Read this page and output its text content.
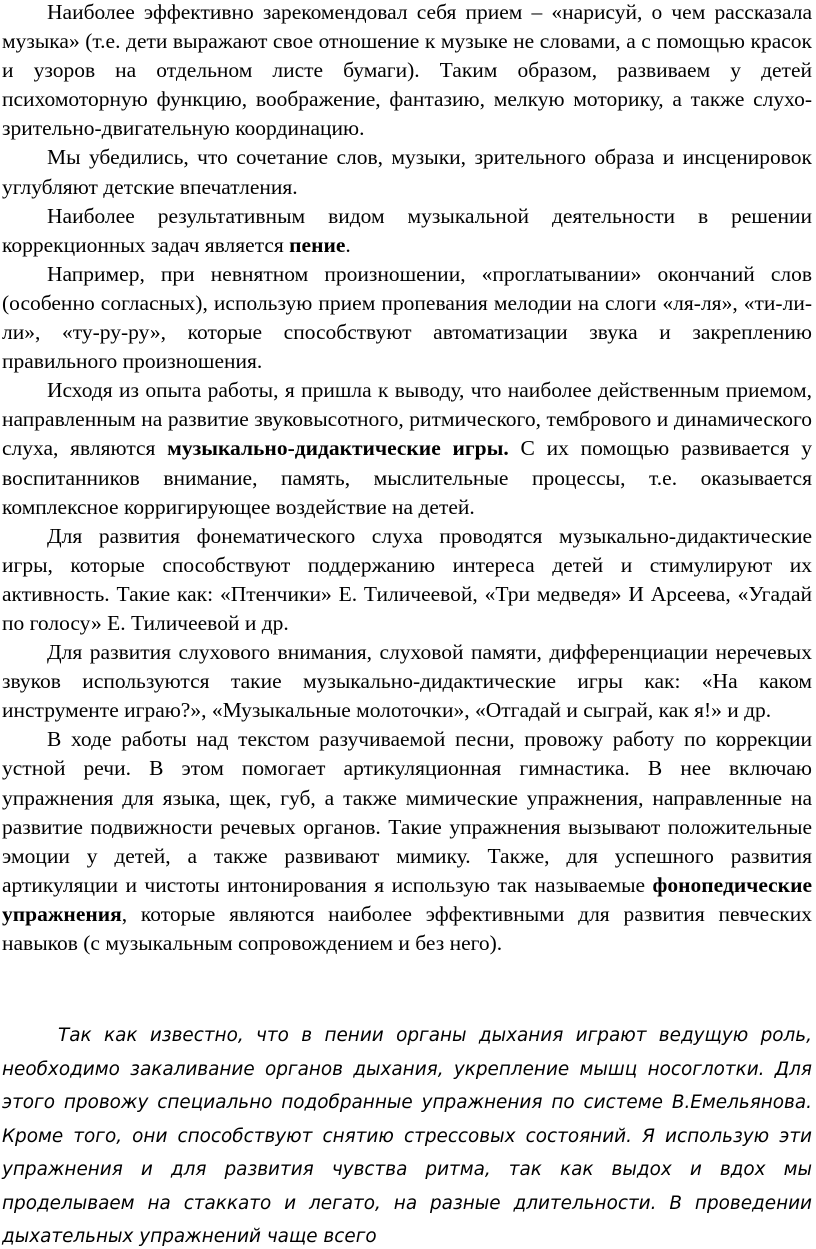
Наиболее эффективно зарекомендовал себя прием – «нарисуй, о чем рассказала музыка» (т.е. дети выражают свое отношение к музыке не словами, а с помощью красок и узоров на отдельном листе бумаги). Таким образом, развиваем у детей психомоторную функцию, воображение, фантазию, мелкую моторику, а также слухо-зрительно-двигательную координацию.

Мы убедились, что сочетание слов, музыки, зрительного образа и инсценировок углубляют детские впечатления.

Наиболее результативным видом музыкальной деятельности в решении коррекционных задач является пение.

Например, при невнятном произношении, «проглатывании» окончаний слов (особенно согласных), использую прием пропевания мелодии на слоги «ля-ля», «ти-ли-ли», «ту-ру-ру», которые способствуют автоматизации звука и закреплению правильного произношения.

Исходя из опыта работы, я пришла к выводу, что наиболее действенным приемом, направленным на развитие звуковысотного, ритмического, тембрового и динамического слуха, являются музыкально-дидактические игры. С их помощью развивается у воспитанников внимание, память, мыслительные процессы, т.е. оказывается комплексное корригирующее воздействие на детей.

Для развития фонематического слуха проводятся музыкально-дидактические игры, которые способствуют поддержанию интереса детей и стимулируют их активность. Такие как: «Птенчики» Е. Тиличеевой, «Три медведя» И Арсеева, «Угадай по голосу» Е. Тиличеевой и др.

Для развития слухового внимания, слуховой памяти, дифференциации неречевых звуков используются такие музыкально-дидактические игры как: «На каком инструменте играю?», «Музыкальные молоточки», «Отгадай и сыграй, как я!» и др.

В ходе работы над текстом разучиваемой песни, провожу работу по коррекции устной речи. В этом помогает артикуляционная гимнастика. В нее включаю упражнения для языка, щек, губ, а также мимические упражнения, направленные на развитие подвижности речевых органов. Такие упражнения вызывают положительные эмоции у детей, а также развивают мимику. Также, для успешного развития артикуляции и чистоты интонирования я использую так называемые фонопедические упражнения, которые являются наиболее эффективными для развития певческих навыков (с музыкальным сопровождением и без него).

Так как известно, что в пении органы дыхания играют ведущую роль, необходимо закаливание органов дыхания, укрепление мышц носоглотки. Для этого провожу специально подобранные упражнения по системе В.Емельянова. Кроме того, они способствуют снятию стрессовых состояний. Я использую эти упражнения и для развития чувства ритма, так как выдох и вдох мы проделываем на стаккато и легато, на разные длительности. В проведении дыхательных упражнений чаще всего
